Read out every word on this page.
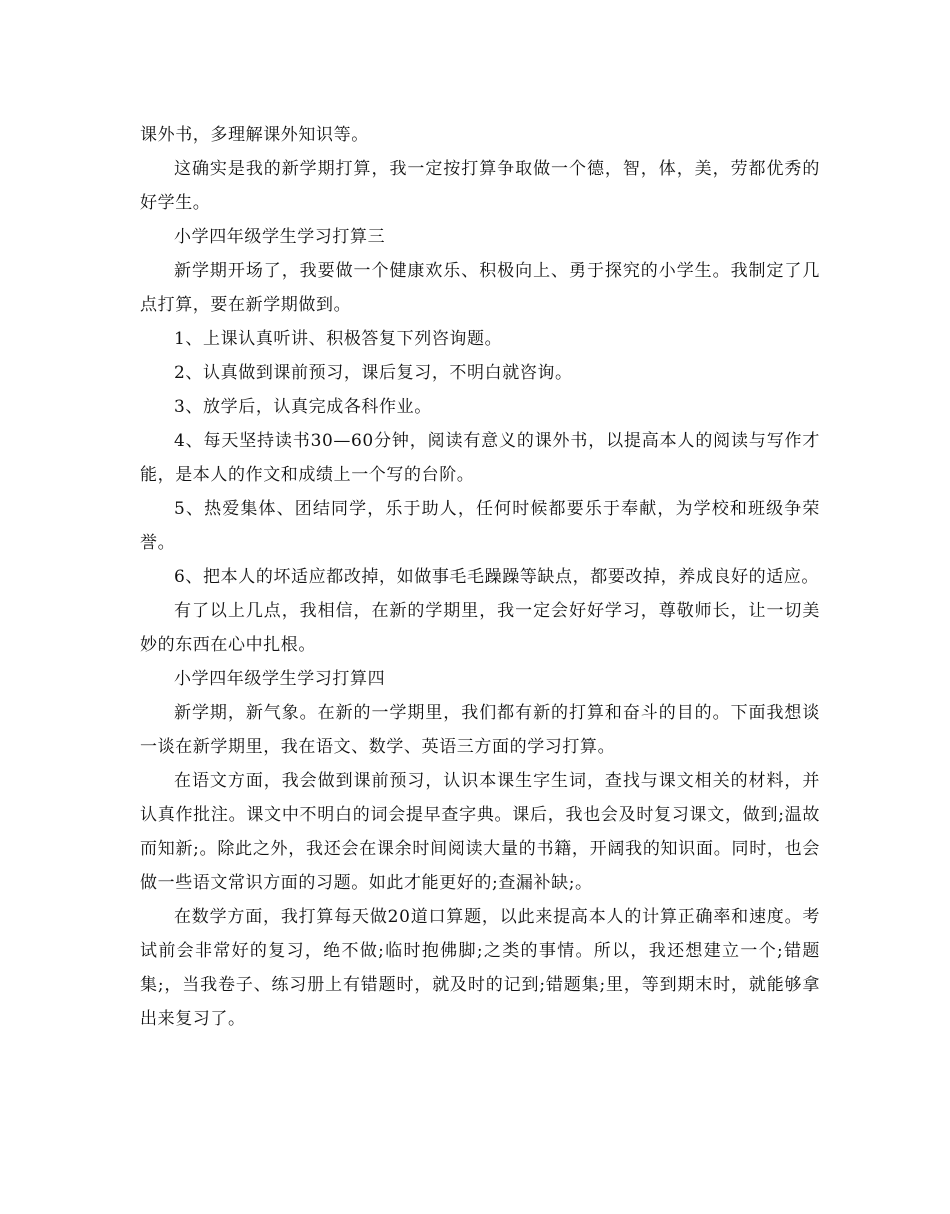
课外书，多理解课外知识等。

这确实是我的新学期打算，我一定按打算争取做一个德，智，体，美，劳都优秀的好学生。

小学四年级学生学习打算三

新学期开场了，我要做一个健康欢乐、积极向上、勇于探究的小学生。我制定了几点打算，要在新学期做到。

1、上课认真听讲、积极答复下列咨询题。

2、认真做到课前预习，课后复习，不明白就咨询。

3、放学后，认真完成各科作业。

4、每天坚持读书30—60分钟，阅读有意义的课外书，以提高本人的阅读与写作才能，是本人的作文和成绩上一个写的台阶。

5、热爱集体、团结同学，乐于助人，任何时候都要乐于奉献，为学校和班级争荣誉。

6、把本人的坏适应都改掉，如做事毛毛躁躁等缺点，都要改掉，养成良好的适应。

有了以上几点，我相信，在新的学期里，我一定会好好学习，尊敬师长，让一切美妙的东西在心中扎根。

小学四年级学生学习打算四

新学期，新气象。在新的一学期里，我们都有新的打算和奋斗的目的。下面我想谈一谈在新学期里，我在语文、数学、英语三方面的学习打算。

在语文方面，我会做到课前预习，认识本课生字生词，查找与课文相关的材料，并认真作批注。课文中不明白的词会提早查字典。课后，我也会及时复习课文，做到;温故而知新;。除此之外，我还会在课余时间阅读大量的书籍，开阔我的知识面。同时，也会做一些语文常识方面的习题。如此才能更好的;查漏补缺;。

在数学方面，我打算每天做20道口算题，以此来提高本人的计算正确率和速度。考试前会非常好的复习，绝不做;临时抱佛脚;之类的事情。所以，我还想建立一个;错题集;，当我卷子、练习册上有错题时，就及时的记到;错题集;里，等到期末时，就能够拿出来复习了。
